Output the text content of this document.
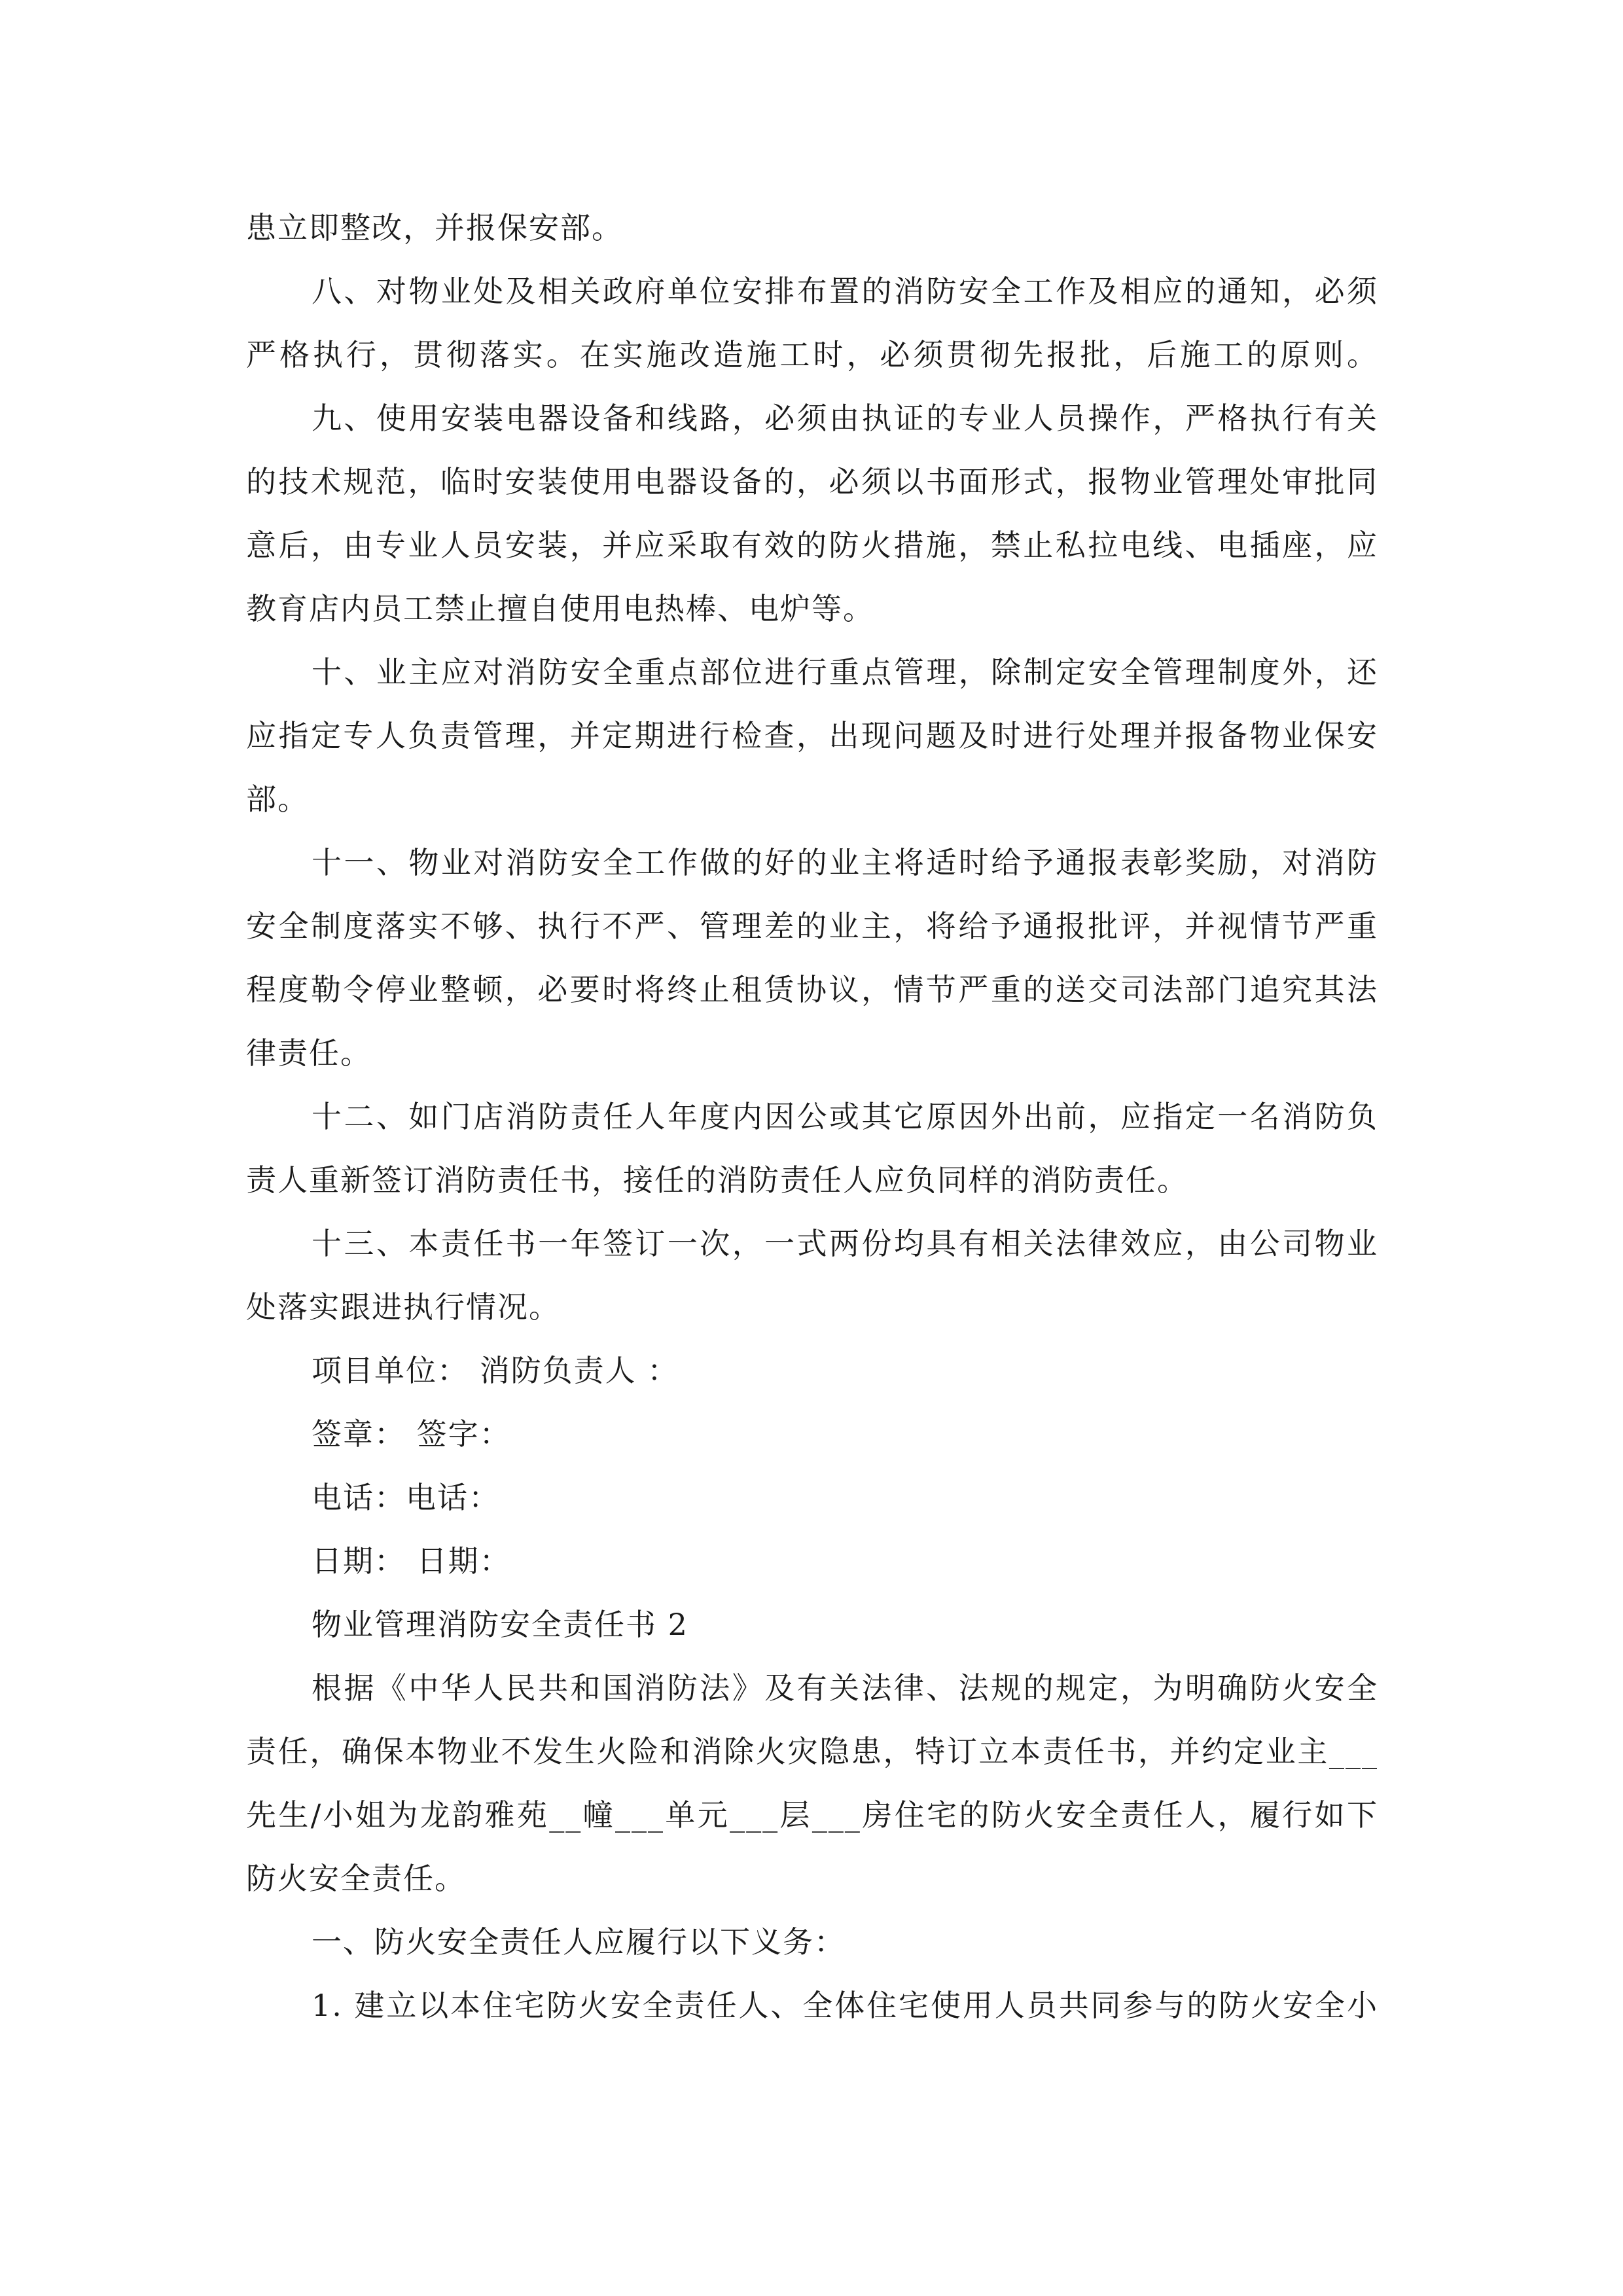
患立即整改，并报保安部。
八、对物业处及相关政府单位安排布置的消防安全工作及相应的通知，必须
严格执行，贯彻落实。在实施改造施工时，必须贯彻先报批，后施工的原则。
九、使用安装电器设备和线路，必须由执证的专业人员操作，严格执行有关
的技术规范，临时安装使用电器设备的，必须以书面形式，报物业管理处审批同
意后，由专业人员安装，并应采取有效的防火措施，禁止私拉电线、电插座，应
教育店内员工禁止擅自使用电热棒、电炉等。
十、业主应对消防安全重点部位进行重点管理，除制定安全管理制度外，还
应指定专人负责管理，并定期进行检查，出现问题及时进行处理并报备物业保安
部。
十一、物业对消防安全工作做的好的业主将适时给予通报表彰奖励，对消防
安全制度落实不够、执行不严、管理差的业主，将给予通报批评，并视情节严重
程度勒令停业整顿，必要时将终止租赁协议，情节严重的送交司法部门追究其法
律责任。
十二、如门店消防责任人年度内因公或其它原因外出前，应指定一名消防负
责人重新签订消防责任书，接任的消防责任人应负同样的消防责任。
十三、本责任书一年签订一次，一式两份均具有相关法律效应，由公司物业
处落实跟进执行情况。
项目单位： 消防负责人 ：
签章： 签字：
电话：电话：
日期： 日期：
物业管理消防安全责任书 2
根据《中华人民共和国消防法》及有关法律、法规的规定，为明确防火安全
责任，确保本物业不发生火险和消除火灾隐患，特订立本责任书，并约定业主___
先生/小姐为龙韵雅苑__幢___单元___层___房住宅的防火安全责任人，履行如下
防火安全责任。
一、防火安全责任人应履行以下义务：
1. 建立以本住宅防火安全责任人、全体住宅使用人员共同参与的防火安全小
